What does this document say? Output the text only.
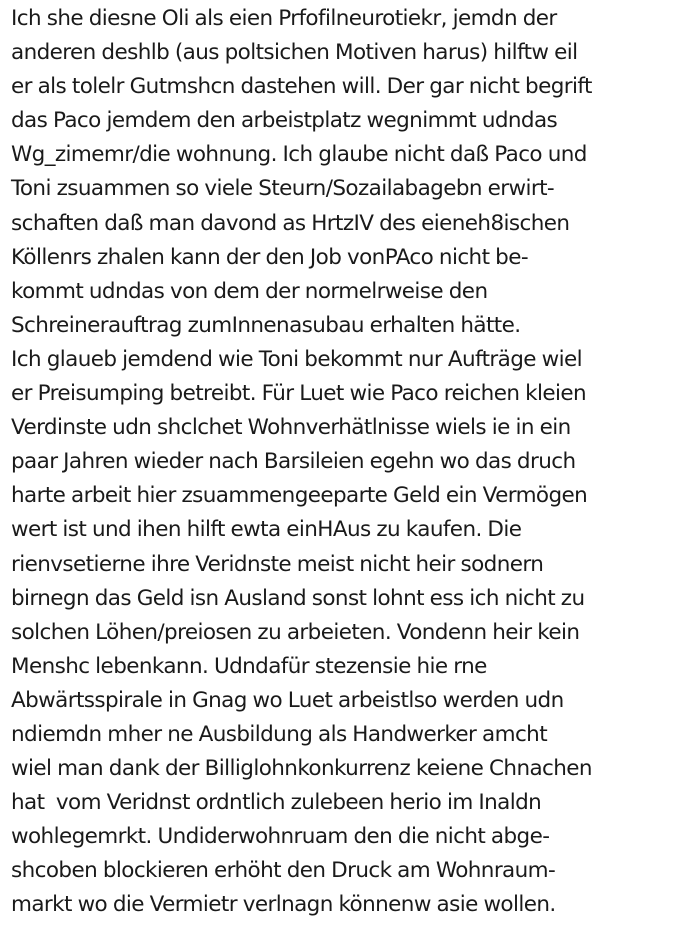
Ich she diesne Oli als eien Prfofilneurotiekr, jemdn der
anderen deshlb (aus poltsichen Motiven harus) hilftw eil
er als tolelr Gutmshcn dastehen will. Der gar nicht begrift
das Paco jemdem den arbeistplatz wegnimmt udndas
Wg_zimemr/die wohnung. Ich glaube nicht daß Paco und
Toni zsuammen so viele Steurn/Sozailabagebn erwirt-
schaften daß man davond as HrtzIV des eieneh8ischen
Köllenrs zhalen kann der den Job vonPAco nicht be-
kommt udndas von dem der normelrweise den
Schreinerauftrag zumInnenasubau erhalten hätte.
Ich glaueb jemdend wie Toni bekommt nur Aufträge wiel
er Preisumping betreibt. Für Luet wie Paco reichen kleien
Verdinste udn shclchet Wohnverhätlnisse wiels ie in ein
paar Jahren wieder nach Barsileien egehn wo das druch
harte arbeit hier zsuammengeeparte Geld ein Vermögen
wert ist und ihen hilft ewta einHAus zu kaufen. Die
rienvsetierne ihre Veridnste meist nicht heir sodnern
birnegn das Geld isn Ausland sonst lohnt ess ich nicht zu
solchen Löhen/preiosen zu arbeieten. Vondenn heir kein
Menshc lebenkann. Udndafür stezensie hie rne
Abwärtsspirale in Gnag wo Luet arbeistlso werden udn
ndiemdn mher ne Ausbildung als Handwerker amcht
wiel man dank der Billiglohnkonkurrenz keiene Chnachen
hat  vom Veridnst ordntlich zulebeen herio im Inaldn
wohlegemrkt. Undiderwohnruam den die nicht abge-
shcoben blockieren erhöht den Druck am Wohnraum-
markt wo die Vermietr verlnagn könnenw asie wollen.
